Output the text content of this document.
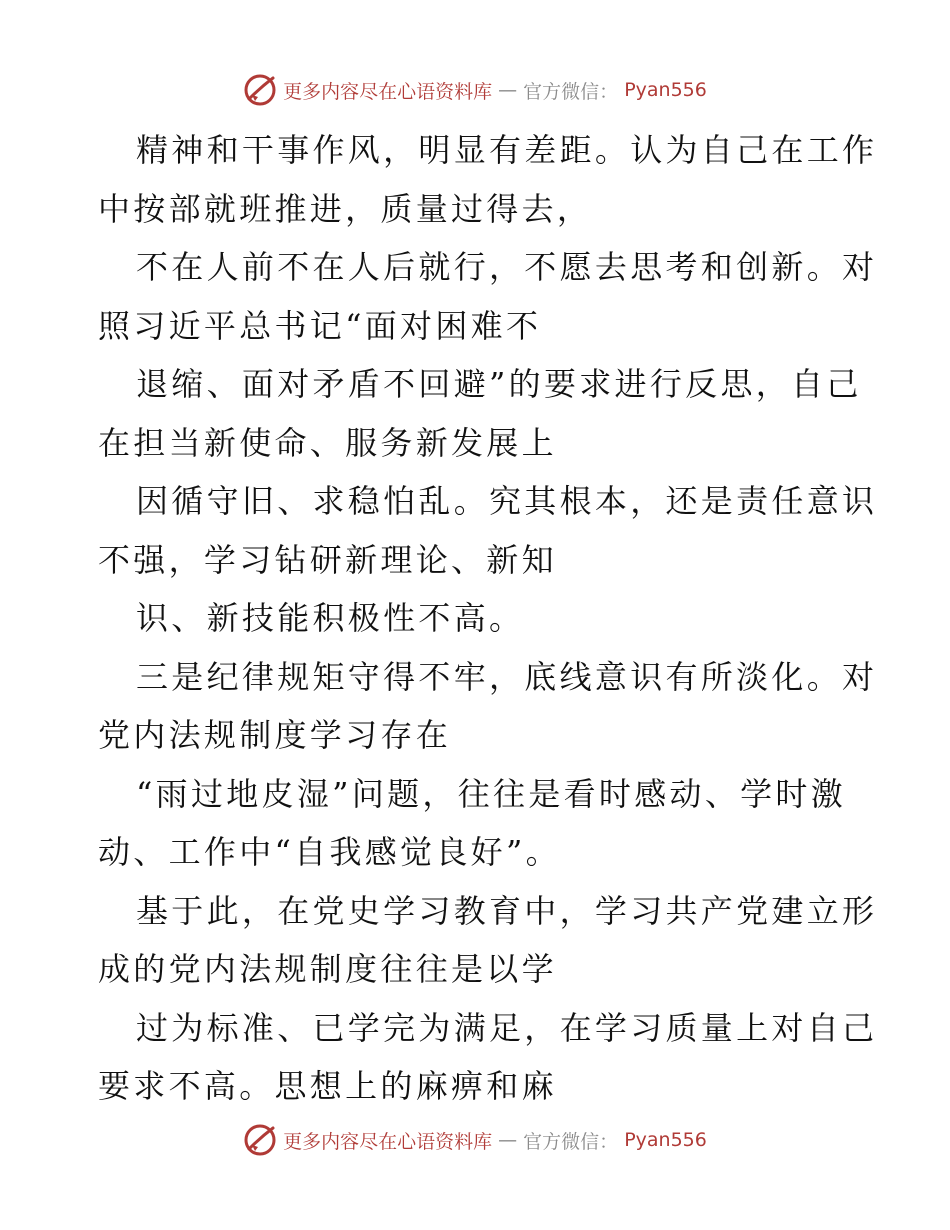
更多内容尽在心语资料库 — 官方微信： Pyan556

精神和干事作风，明显有差距。认为自己在工作
中按部就班推进，质量过得去，

不在人前不在人后就行，不愿去思考和创新。对
照习近平总书记“面对困难不

退缩、面对矛盾不回避”的要求进行反思，自己
在担当新使命、服务新发展上

因循守旧、求稳怕乱。究其根本，还是责任意识
不强，学习钻研新理论、新知

识、新技能积极性不高。

三是纪律规矩守得不牢，底线意识有所淡化。对
党内法规制度学习存在

“雨过地皮湿”问题，往往是看时感动、学时激
动、工作中“自我感觉良好”。

基于此，在党史学习教育中，学习共产党建立形
成的党内法规制度往往是以学

过为标准、已学完为满足，在学习质量上对自己
要求不高。思想上的麻痹和麻

更多内容尽在心语资料库 — 官方微信： Pyan556
